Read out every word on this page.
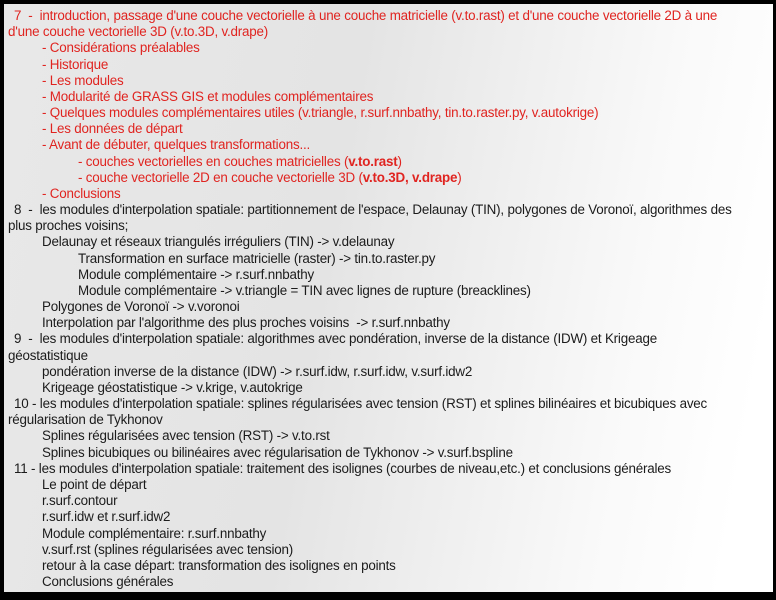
7  -  introduction, passage d'une couche vectorielle à une couche matricielle (v.to.rast) et d'une couche vectorielle 2D à une
d'une couche vectorielle 3D (v.to.3D, v.drape)
- Considérations préalables
- Historique
- Les modules
- Modularité de GRASS GIS et modules complémentaires
- Quelques modules complémentaires utiles (v.triangle, r.surf.nnbathy, tin.to.raster.py, v.autokrige)
- Les données de départ
- Avant de débuter, quelques transformations...
- couches vectorielles en couches matricielles (v.to.rast)
- couche vectorielle 2D en couche vectorielle 3D (v.to.3D, v.drape)
- Conclusions
8  -  les modules d'interpolation spatiale: partitionnement de l'espace, Delaunay (TIN), polygones de Voronoï, algorithmes des
plus proches voisins;
Delaunay et réseaux triangulés irréguliers (TIN) -> v.delaunay
Transformation en surface matricielle (raster) -> tin.to.raster.py
Module complémentaire -> r.surf.nnbathy
Module complémentaire -> v.triangle = TIN avec lignes de rupture (breacklines)
Polygones de Voronoï -> v.voronoi
Interpolation par l'algorithme des plus proches voisins  -> r.surf.nnbathy
9  -  les modules d'interpolation spatiale: algorithmes avec pondération, inverse de la distance (IDW) et Krigeage
géostatistique
pondération inverse de la distance (IDW) -> r.surf.idw, r.surf.idw, v.surf.idw2
Krigeage géostatistique -> v.krige, v.autokrige
10 - les modules d'interpolation spatiale: splines régularisées avec tension (RST) et splines bilinéaires et bicubiques avec
régularisation de Tykhonov
Splines régularisées avec tension (RST) -> v.to.rst
Splines bicubiques ou bilinéaires avec régularisation de Tykhonov -> v.surf.bspline
11 - les modules d'interpolation spatiale: traitement des isolignes (courbes de niveau,etc.) et conclusions générales
Le point de départ
r.surf.contour
r.surf.idw et r.surf.idw2
Module complémentaire: r.surf.nnbathy
v.surf.rst (splines régularisées avec tension)
retour à la case départ: transformation des isolignes en points
Conclusions générales
